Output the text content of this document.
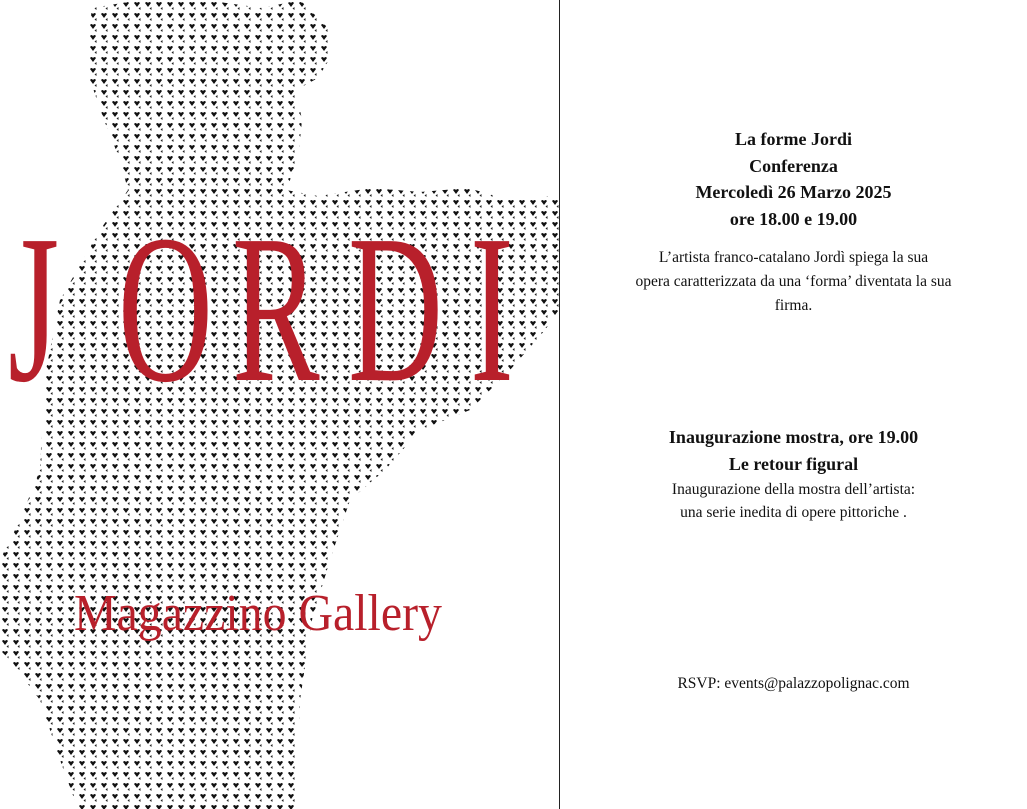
J O R D I
Magazzino Gallery
La forme Jordi
Conferenza
Mercoledì 26 Marzo 2025
ore 18.00 e 19.00
L’artista franco-catalano Jordì spiega la sua
opera caratterizzata da una ‘forma’ diventata la sua
firma.
Inaugurazione mostra, ore 19.00
Le retour figural
Inaugurazione della mostra dell’artista:
una serie inedita di opere pittoriche .
RSVP: events@palazzopolignac.com
